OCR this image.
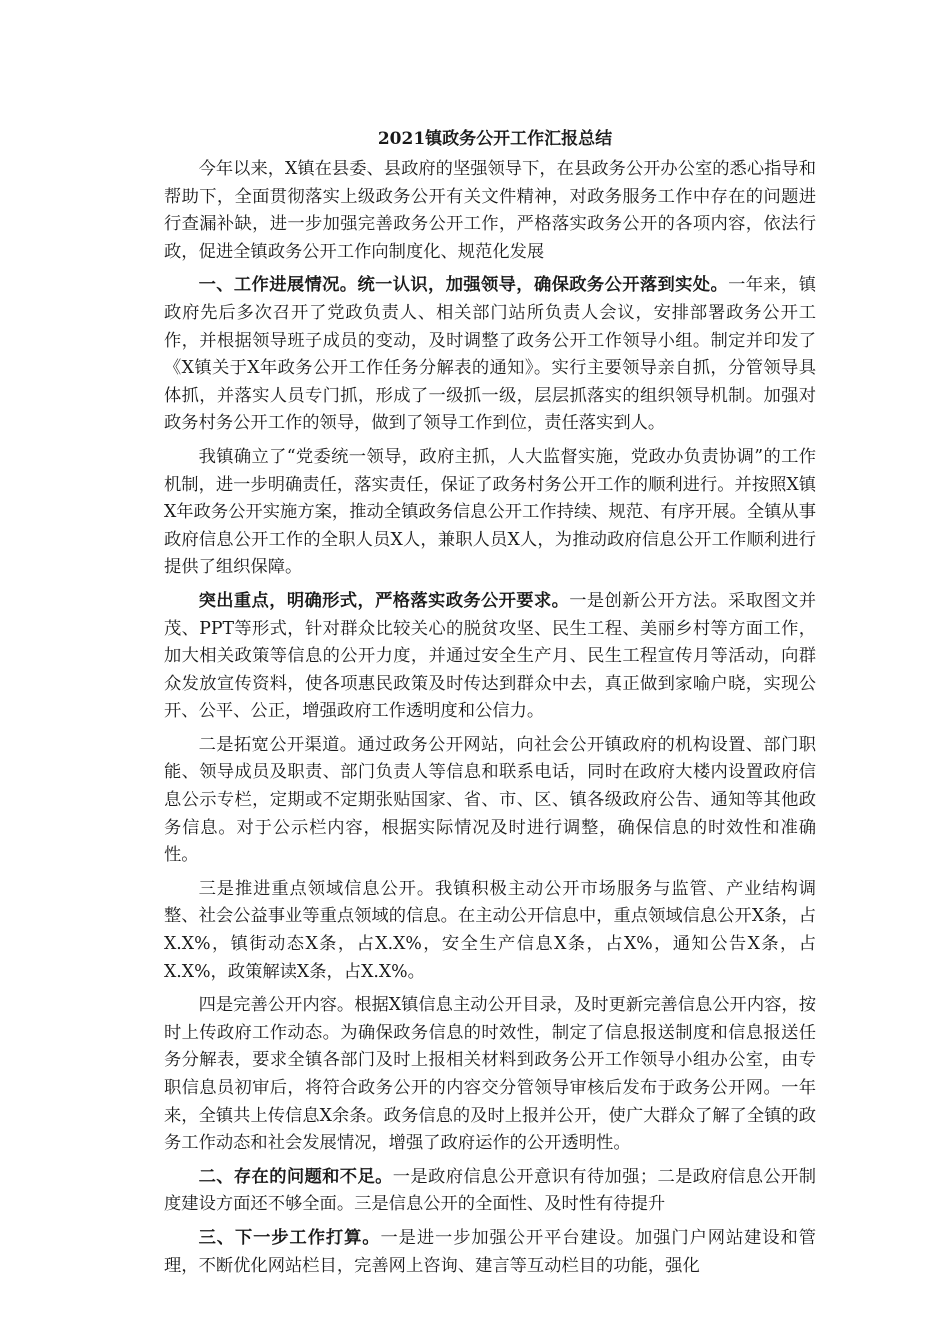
2021镇政务公开工作汇报总结

今年以来，X镇在县委、县政府的坚强领导下，在县政务公开办公室的悉心指导和帮助下，全面贯彻落实上级政务公开有关文件精神，对政务服务工作中存在的问题进行查漏补缺，进一步加强完善政务公开工作，严格落实政务公开的各项内容，依法行政，促进全镇政务公开工作向制度化、规范化发展

一、工作进展情况。统一认识，加强领导，确保政务公开落到实处。一年来，镇政府先后多次召开了党政负责人、相关部门站所负责人会议，安排部署政务公开工作，并根据领导班子成员的变动，及时调整了政务公开工作领导小组。制定并印发了《X镇关于X年政务公开工作任务分解表的通知》。实行主要领导亲自抓，分管领导具体抓，并落实人员专门抓，形成了一级抓一级，层层抓落实的组织领导机制。加强对政务村务公开工作的领导，做到了领导工作到位，责任落实到人。

我镇确立了“党委统一领导，政府主抓，人大监督实施，党政办负责协调”的工作机制，进一步明确责任，落实责任，保证了政务村务公开工作的顺利进行。并按照X镇X年政务公开实施方案，推动全镇政务信息公开工作持续、规范、有序开展。全镇从事政府信息公开工作的全职人员X人，兼职人员X人，为推动政府信息公开工作顺利进行提供了组织保障。

突出重点，明确形式，严格落实政务公开要求。一是创新公开方法。采取图文并茂、PPT等形式，针对群众比较关心的脱贫攻坚、民生工程、美丽乡村等方面工作，加大相关政策等信息的公开力度，并通过安全生产月、民生工程宣传月等活动，向群众发放宣传资料，使各项惠民政策及时传达到群众中去，真正做到家喻户晓，实现公开、公平、公正，增强政府工作透明度和公信力。

二是拓宽公开渠道。通过政务公开网站，向社会公开镇政府的机构设置、部门职能、领导成员及职责、部门负责人等信息和联系电话，同时在政府大楼内设置政府信息公示专栏，定期或不定期张贴国家、省、市、区、镇各级政府公告、通知等其他政务信息。对于公示栏内容，根据实际情况及时进行调整，确保信息的时效性和准确性。

三是推进重点领域信息公开。我镇积极主动公开市场服务与监管、产业结构调整、社会公益事业等重点领域的信息。在主动公开信息中，重点领域信息公开X条，占X.X%，镇街动态X条，占X.X%，安全生产信息X条，占X%，通知公告X条，占X.X%，政策解读X条，占X.X%。

四是完善公开内容。根据X镇信息主动公开目录，及时更新完善信息公开内容，按时上传政府工作动态。为确保政务信息的时效性，制定了信息报送制度和信息报送任务分解表，要求全镇各部门及时上报相关材料到政务公开工作领导小组办公室，由专职信息员初审后，将符合政务公开的内容交分管领导审核后发布于政务公开网。一年来，全镇共上传信息X余条。政务信息的及时上报并公开，使广大群众了解了全镇的政务工作动态和社会发展情况，增强了政府运作的公开透明性。

二、存在的问题和不足。一是政府信息公开意识有待加强；二是政府信息公开制度建设方面还不够全面。三是信息公开的全面性、及时性有待提升

三、下一步工作打算。一是进一步加强公开平台建设。加强门户网站建设和管理，不断优化网站栏目，完善网上咨询、建言等互动栏目的功能，强化
